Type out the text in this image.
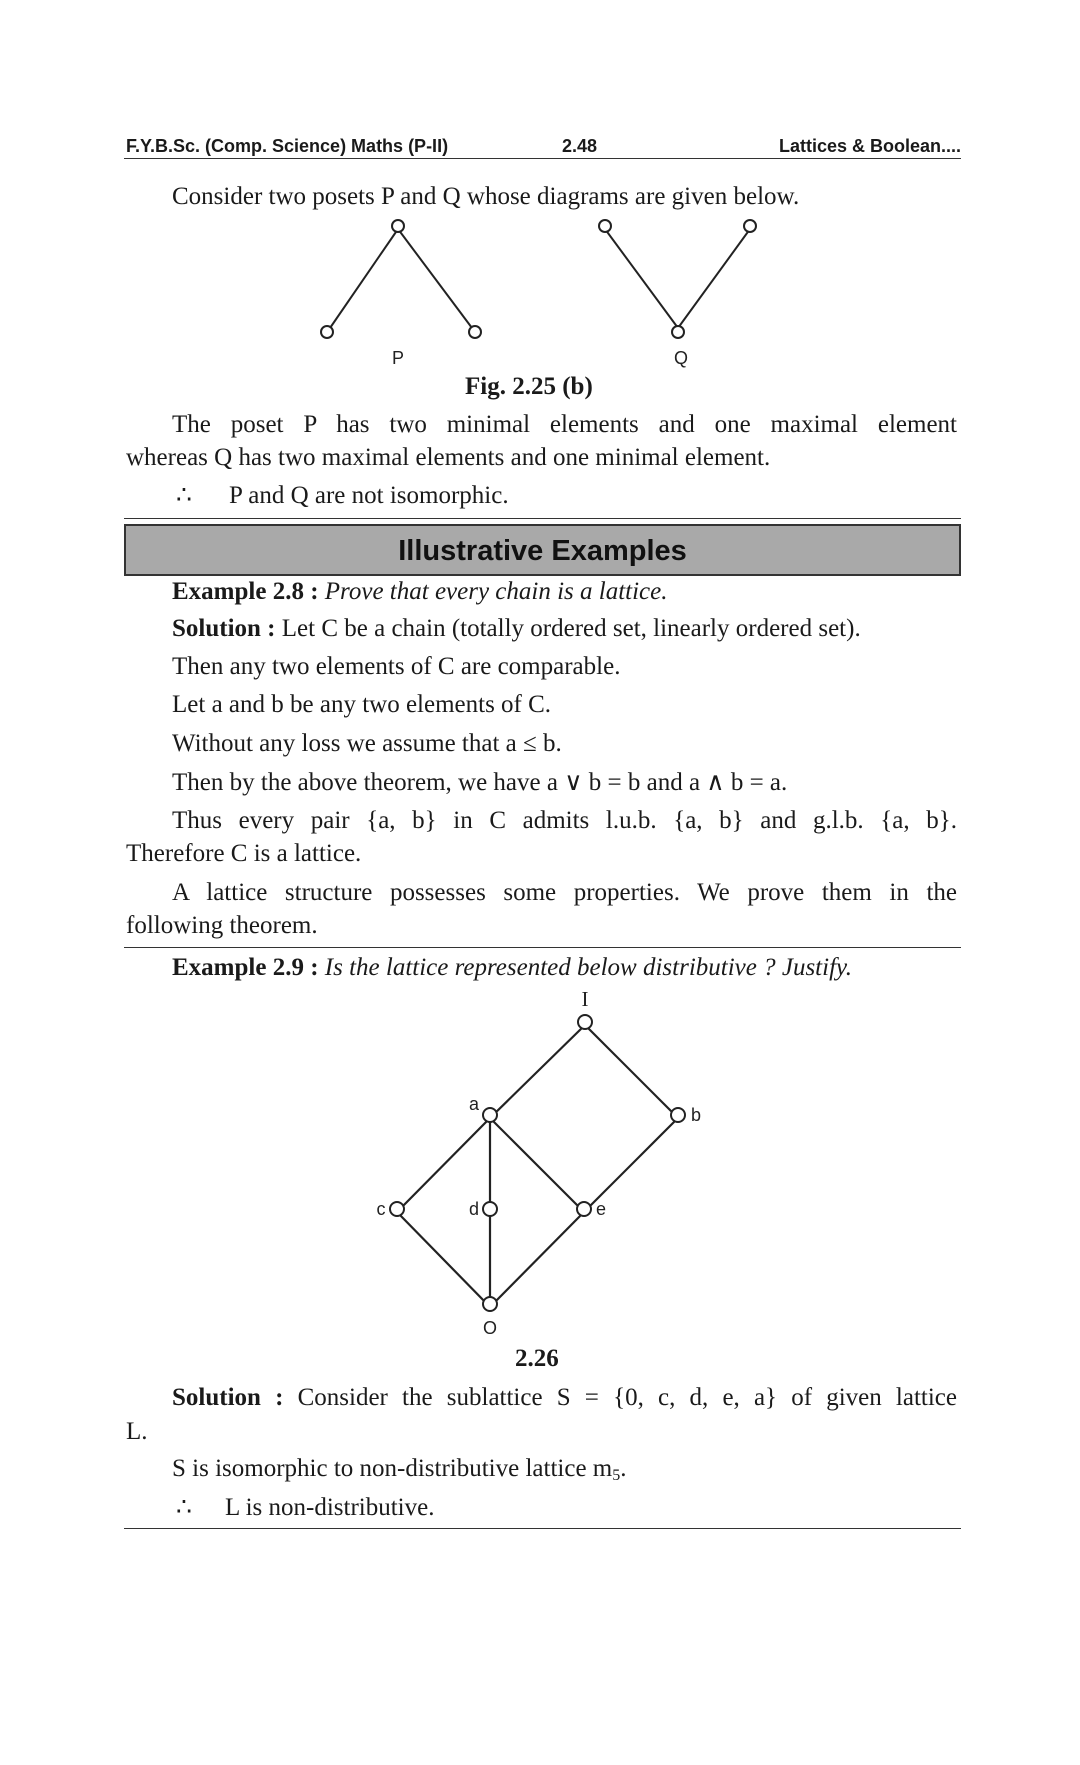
F.Y.B.Sc. (Comp. Science) Maths (P-II)	2.48	Lattices & Boolean....
Consider two posets P and Q whose diagrams are given below.
P	Q
Fig. 2.25 (b)
The poset P has two minimal elements and one maximal element
whereas Q has two maximal elements and one minimal element.
∴ P and Q are not isomorphic.
Illustrative Examples
Example 2.8 : Prove that every chain is a lattice.
Solution : Let C be a chain (totally ordered set, linearly ordered set).
Then any two elements of C are comparable.
Let a and b be any two elements of C.
Without any loss we assume that a ≤ b.
Then by the above theorem, we have a ∨ b = b and a ∧ b = a.
Thus every pair {a, b} in C admits l.u.b. {a, b} and g.l.b. {a, b}.
Therefore C is a lattice.
A lattice structure possesses some properties. We prove them in the
following theorem.
Example 2.9 : Is the lattice represented below distributive ? Justify.
I
a
b
c	d	e
O
2.26
Solution : Consider the sublattice S = {0, c, d, e, a} of given lattice
L.
S is isomorphic to non-distributive lattice $m_5$.
∴ L is non-distributive.
